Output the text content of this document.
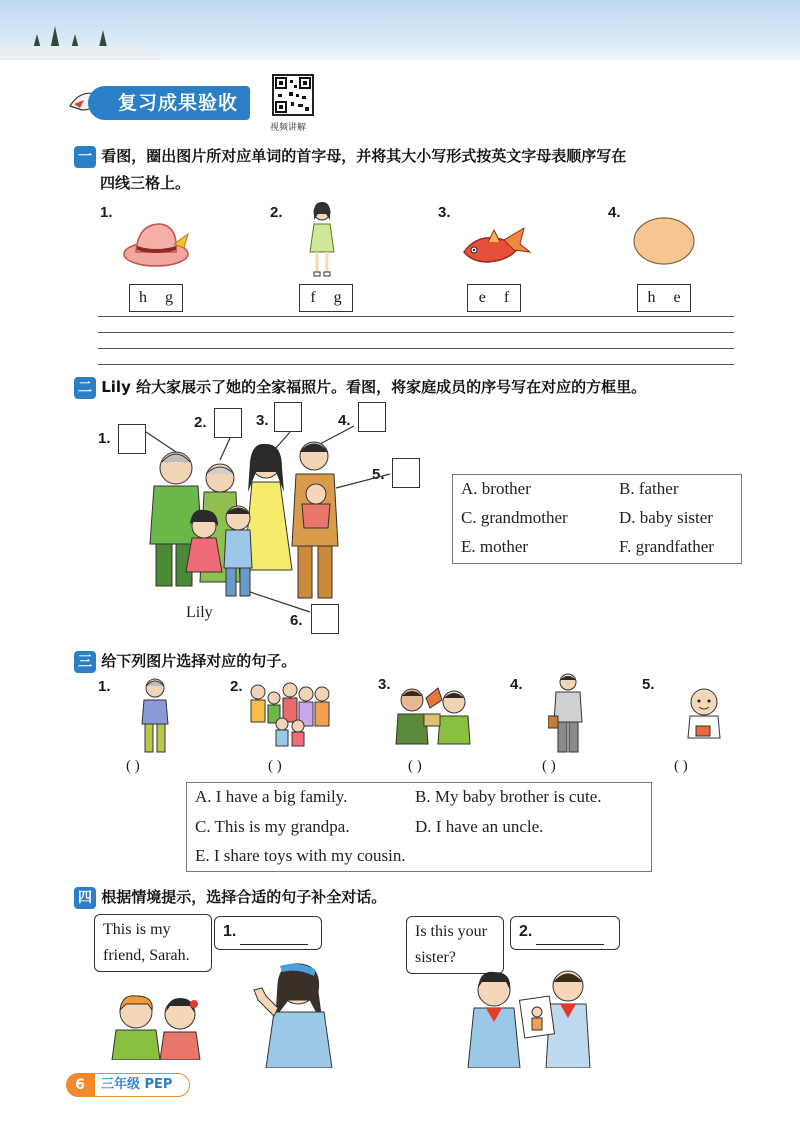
复习成果验收
视频讲解
一 看图，圈出图片所对应单词的首字母，并将其大小写形式按英文字母表顺序写在
四线三格上。
1.	2.	3.	4.
h g	f g	e f	h e
二 Lily 给大家展示了她的全家福照片。看图，将家庭成员的序号写在对应的方框里。
1.
2.	3.	4.
5.
6.
Lily
A. brother	B. father
C. grandmother	D. baby sister
E. mother	F. grandfather
三 给下列图片选择对应的句子。
1.	2.	3.	4.	5.
( )	( )	( )	( )	( )
A. I have a big family.	B. My baby brother is cute.
C. This is my grandpa.	D. I have an uncle.
E. I share toys with my cousin.
四 根据情境提示，选择合适的句子补全对话。
This is my
friend, Sarah.
1.	Is this your
sister?
2.
6	三年级 PEP
